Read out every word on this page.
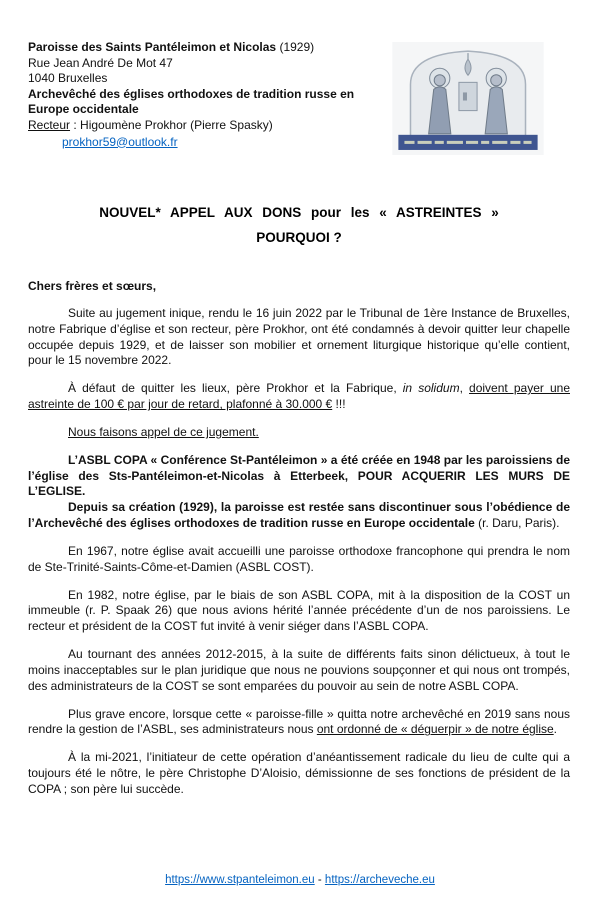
Paroisse des Saints Pantéleimon et Nicolas (1929)
Rue Jean André De Mot 47
1040 Bruxelles
Archevêché des églises orthodoxes de tradition russe en Europe occidentale
Recteur : Higoumène Prokhor (Pierre Spasky)
prokhor59@outlook.fr
NOUVEL* APPEL AUX DONS pour les « ASTREINTES »
POURQUOI ?
Chers frères et sœurs,

Suite au jugement inique, rendu le 16 juin 2022 par le Tribunal de 1ère Instance de Bruxelles, notre Fabrique d’église et son recteur, père Prokhor, ont été condamnés à devoir quitter leur chapelle occupée depuis 1929, et de laisser son mobilier et ornement liturgique historique qu’elle contient, pour le 15 novembre 2022.

À défaut de quitter les lieux, père Prokhor et la Fabrique, in solidum, doivent payer une astreinte de 100 € par jour de retard, plafonné à 30.000 € !!!

Nous faisons appel de ce jugement.

L’ASBL COPA « Conférence St-Pantéleimon » a été créée en 1948 par les paroissiens de l’église des Sts-Pantéleimon-et-Nicolas à Etterbeek, POUR ACQUERIR LES MURS DE L’EGLISE.

Depuis sa création (1929), la paroisse est restée sans discontinuer sous l’obédience de l’Archevêché des églises orthodoxes de tradition russe en Europe occidentale (r. Daru, Paris).

En 1967, notre église avait accueilli une paroisse orthodoxe francophone qui prendra le nom de Ste-Trinité-Saints-Côme-et-Damien (ASBL COST).

En 1982, notre église, par le biais de son ASBL COPA, mit à la disposition de la COST un immeuble (r. P. Spaak 26) que nous avions hérité l’année précédente d’un de nos paroissiens. Le recteur et président de la COST fut invité à venir siéger dans l’ASBL COPA.

Au tournant des années 2012-2015, à la suite de différents faits sinon délictueux, à tout le moins inacceptables sur le plan juridique que nous ne pouvions soupçonner et qui nous ont trompés, des administrateurs de la COST se sont emparées du pouvoir au sein de notre ASBL COPA.

Plus grave encore, lorsque cette « paroisse-fille » quitta notre archevêché en 2019 sans nous rendre la gestion de l’ASBL, ses administrateurs nous ont ordonné de « déguerpir » de notre église.

À la mi-2021, l’initiateur de cette opération d’anéantissement radicale du lieu de culte qui a toujours été le nôtre, le père Christophe D’Aloisio, démissionne de ses fonctions de président de la COPA ; son père lui succède.

https://www.stpanteleimon.eu - https://archeveche.eu
